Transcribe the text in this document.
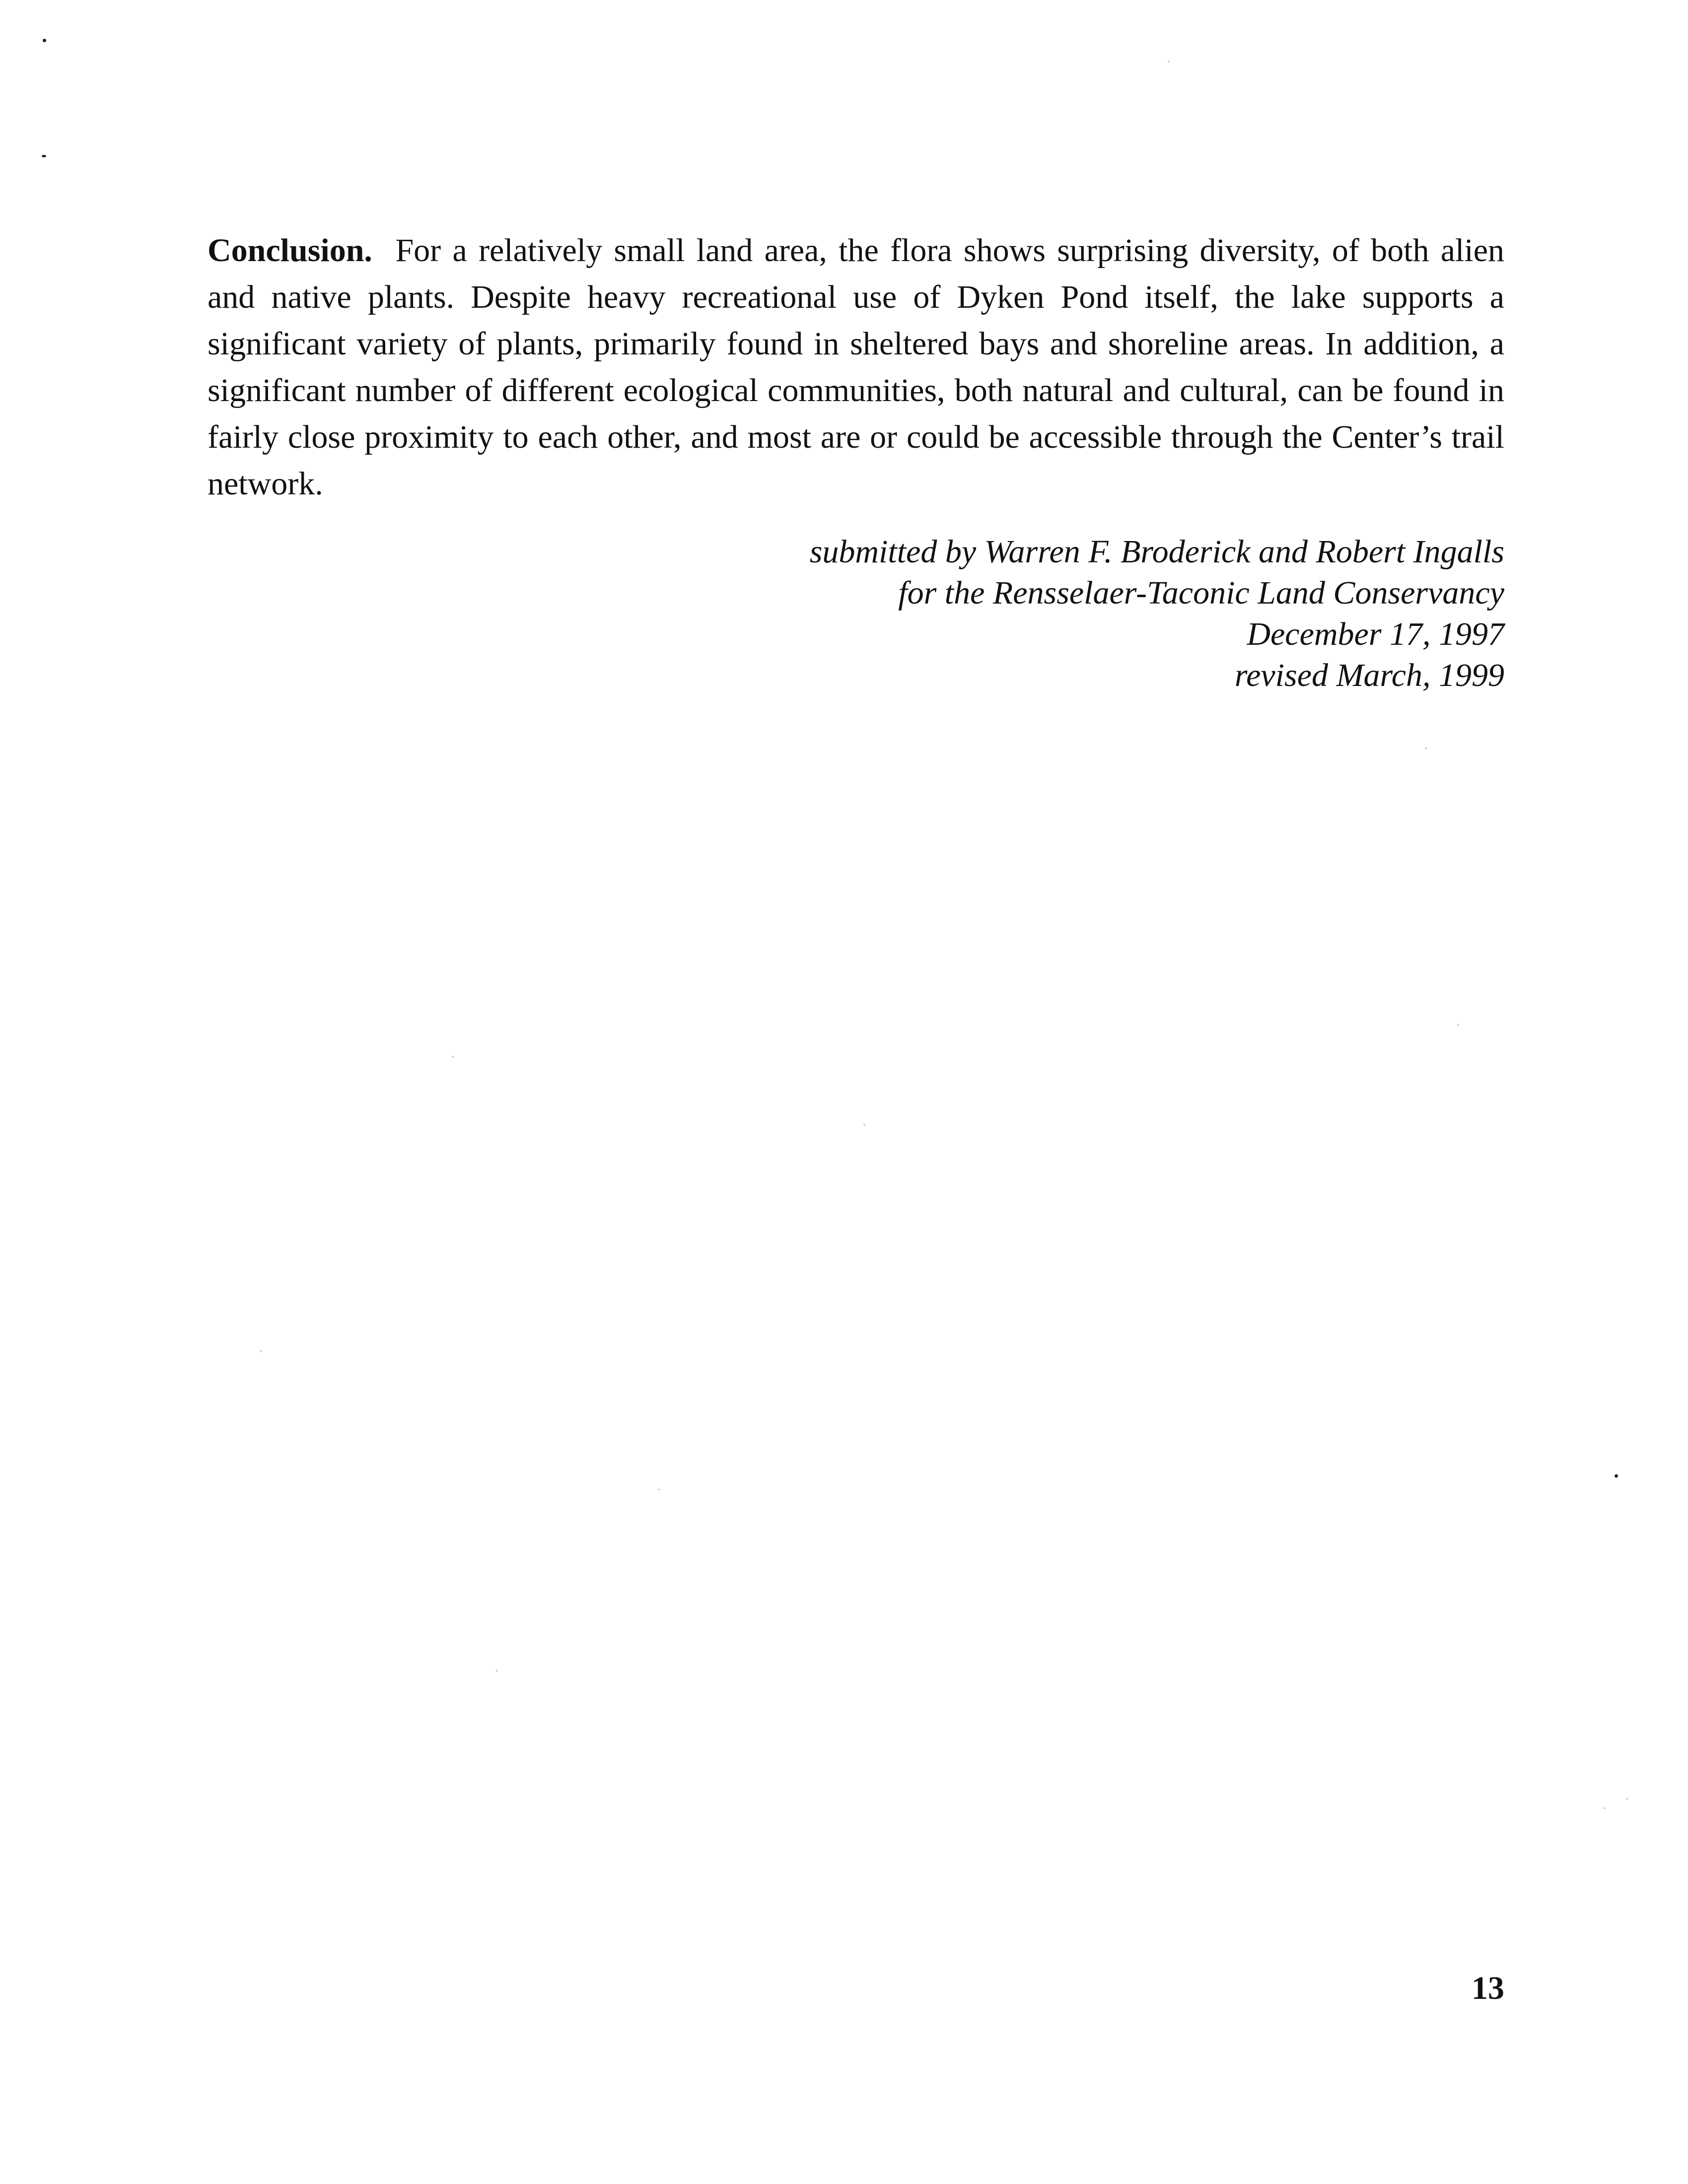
Conclusion. For a relatively small land area, the flora shows surprising diversity, of both alien and native plants. Despite heavy recreational use of Dyken Pond itself, the lake supports a significant variety of plants, primarily found in sheltered bays and shoreline areas. In addition, a significant number of different ecological communities, both natural and cultural, can be found in fairly close proximity to each other, and most are or could be accessible through the Center’s trail network.

submitted by Warren F. Broderick and Robert Ingalls
for the Rensselaer-Taconic Land Conservancy
December 17, 1997
revised March, 1999
13
